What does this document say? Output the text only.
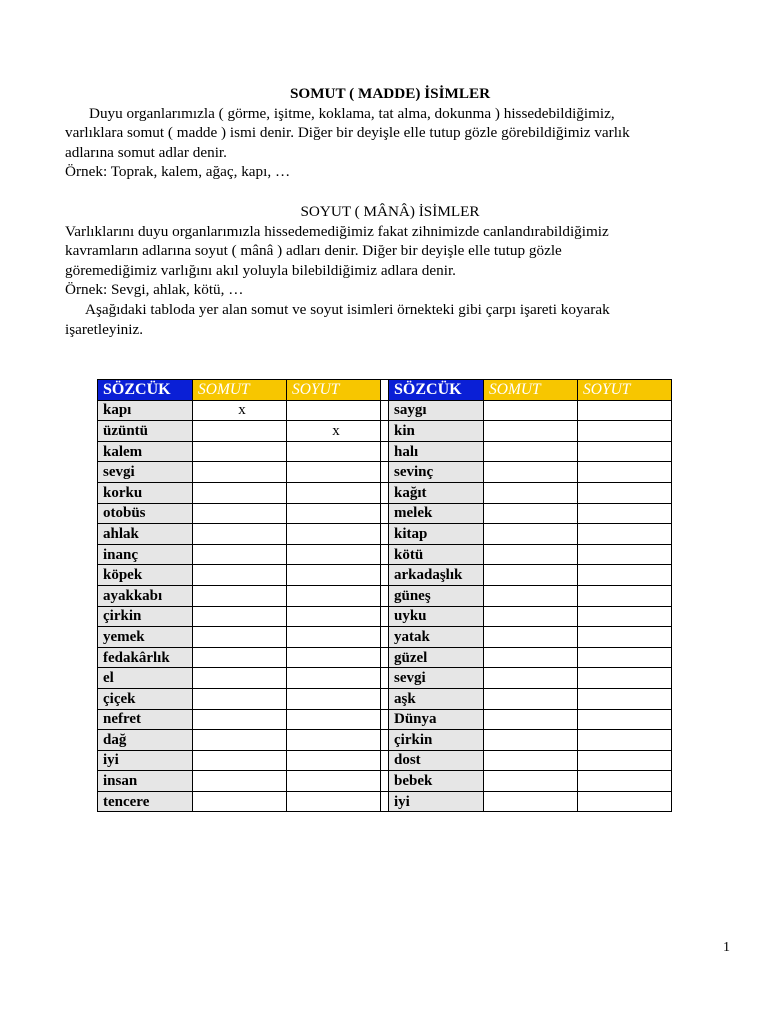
SOMUT ( MADDE) İSİMLER

Duyu organlarımızla ( görme, işitme, koklama, tat alma, dokunma ) hissedebildiğimiz,
varlıklara somut ( madde ) ismi denir. Diğer bir deyişle elle tutup gözle görebildiğimiz varlık
adlarına somut adlar denir.
Örnek: Toprak, kalem, ağaç, kapı, …

SOYUT ( MÂNÂ) İSİMLER

Varlıklarını duyu organlarımızla hissedemediğimiz fakat zihnimizde canlandırabildiğimiz
kavramların adlarına soyut ( mânâ ) adları denir. Diğer bir deyişle elle tutup gözle
göremediğimiz varlığını akıl yoluyla bilebildiğimiz adlara denir.
Örnek: Sevgi, ahlak, kötü, …
Aşağıdaki tabloda yer alan somut ve soyut isimleri örnekteki gibi çarpı işareti koyarak
işaretleyiniz.

SÖZCÜK	SOMUT	SOYUT		SÖZCÜK	SOMUT	SOYUT
kapı	x			saygı		
üzüntü		x		kin		
kalem				halı		
sevgi				sevinç		
korku				kağıt		
otobüs				melek		
ahlak				kitap		
inanç				kötü		
köpek				arkadaşlık		
ayakkabı				güneş		
çirkin				uyku		
yemek				yatak		
fedakârlık				güzel		
el				sevgi		
çiçek				aşk		
nefret				Dünya		
dağ				çirkin		
iyi				dost		
insan				bebek		
tencere				iyi		
1
